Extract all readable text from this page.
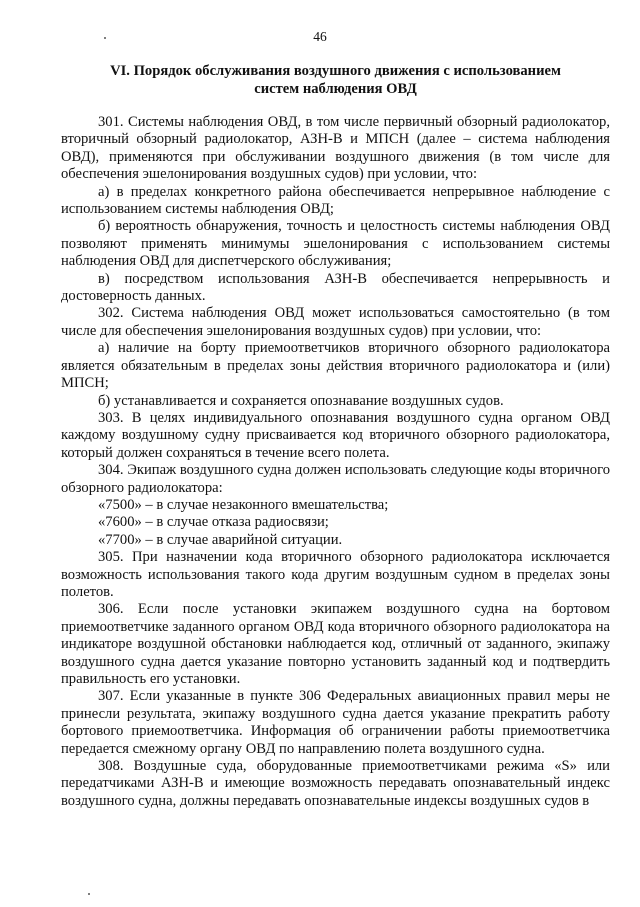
46
VI. Порядок обслуживания воздушного движения с использованием
систем наблюдения ОВД

301. Системы наблюдения ОВД, в том числе первичный обзорный радиолокатор, вторичный обзорный радиолокатор, АЗН-В и МПСН (далее – система наблюдения ОВД), применяются при обслуживании воздушного движения (в том числе для обеспечения эшелонирования воздушных судов) при условии, что:

а) в пределах конкретного района обеспечивается непрерывное наблюдение с использованием системы наблюдения ОВД;

б) вероятность обнаружения, точность и целостность системы наблюдения ОВД позволяют применять минимумы эшелонирования с использованием системы наблюдения ОВД для диспетчерского обслуживания;

в) посредством использования АЗН-В обеспечивается непрерывность и достоверность данных.

302. Система наблюдения ОВД может использоваться самостоятельно (в том числе для обеспечения эшелонирования воздушных судов) при условии, что:

а) наличие на борту приемоответчиков вторичного обзорного радиолокатора является обязательным в пределах зоны действия вторичного радиолокатора и (или) МПСН;

б) устанавливается и сохраняется опознавание воздушных судов.

303. В целях индивидуального опознавания воздушного судна органом ОВД каждому воздушному судну присваивается код вторичного обзорного радиолокатора, который должен сохраняться в течение всего полета.

304. Экипаж воздушного судна должен использовать следующие коды вторичного обзорного радиолокатора:

«7500» – в случае незаконного вмешательства;

«7600» – в случае отказа радиосвязи;

«7700» – в случае аварийной ситуации.

305. При назначении кода вторичного обзорного радиолокатора исключается возможность использования такого кода другим воздушным судном в пределах зоны полетов.

306. Если после установки экипажем воздушного судна на бортовом приемоответчике заданного органом ОВД кода вторичного обзорного радиолокатора на индикаторе воздушной обстановки наблюдается код, отличный от заданного, экипажу воздушного судна дается указание повторно установить заданный код и подтвердить правильность его установки.

307. Если указанные в пункте 306 Федеральных авиационных правил меры не принесли результата, экипажу воздушного судна дается указание прекратить работу бортового приемоответчика. Информация об ограничении работы приемоответчика передается смежному органу ОВД по направлению полета воздушного судна.

308. Воздушные суда, оборудованные приемоответчиками режима «S» или передатчиками АЗН-В и имеющие возможность передавать опознавательный индекс воздушного судна, должны передавать опознавательные индексы воздушных судов в
